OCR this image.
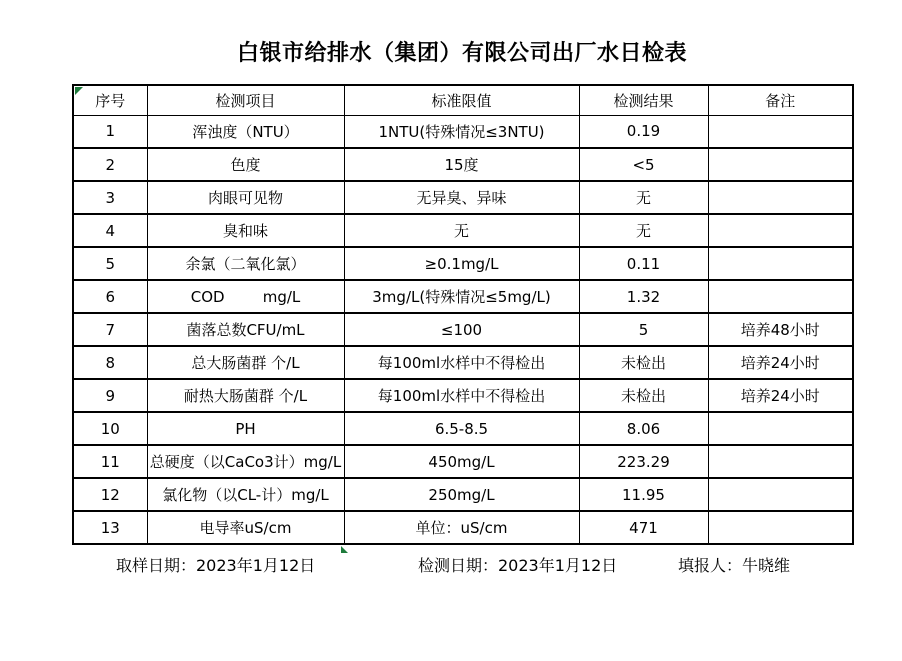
白银市给排水（集团）有限公司出厂水日检表
序号	检测项目	标准限值	检测结果	备注
1	浑浊度（NTU）	1NTU(特殊情况≤3NTU)	0.19	
2	色度	15度	<5	
3	肉眼可见物	无异臭、异味	无	
4	臭和味	无	无	
5	余氯（二氧化氯）	≥0.1mg/L	0.11	
6	COD        mg/L	3mg/L(特殊情况≤5mg/L)	1.32	
7	菌落总数CFU/mL	≤100	5	培养48小时
8	总大肠菌群 个/L	每100ml水样中不得检出	未检出	培养24小时
9	耐热大肠菌群 个/L	每100ml水样中不得检出	未检出	培养24小时
10	PH	6.5-8.5	8.06	
11	总硬度（以CaCo3计）mg/L	450mg/L	223.29	
12	氯化物（以CL-计）mg/L	250mg/L	11.95	
13	电导率uS/cm	单位：uS/cm	471	
取样日期：2023年1月12日	检测日期：2023年1月12日	填报人：牛晓维
